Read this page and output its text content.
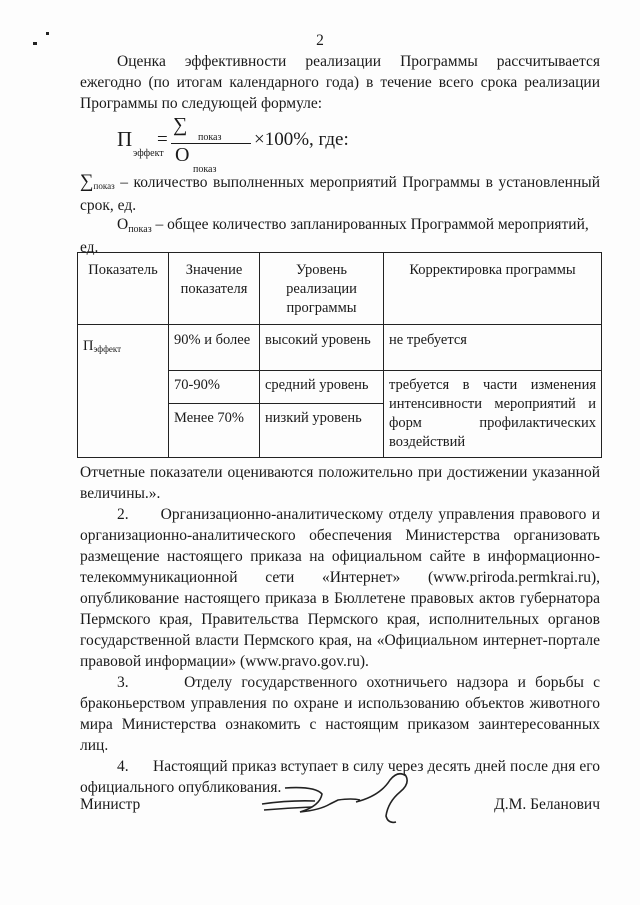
2
Оценка эффективности реализации Программы рассчитывается ежегодно (по итогам календарного года) в течение всего срока реализации Программы по следующей формуле:
П
эффект
=
∑
показ
О
показ
×100%, где:
∑показ – количество выполненных мероприятий Программы в установленный срок, ед.
Опоказ – общее количество запланированных Программой мероприятий, ед.
Показатель	Значение показателя	Уровень реализации программы	Корректировка программы
Пэффект	90% и более	высокий уровень	не требуется
	70-90%	средний уровень	требуется в части изменения интенсивности мероприятий и форм профилактических воздействий
	Менее 70%	низкий уровень	
Отчетные показатели оцениваются положительно при достижении указанной величины.».
2. Организационно-аналитическому отделу управления правового и организационно-аналитического обеспечения Министерства организовать размещение настоящего приказа на официальном сайте в информационно-телекоммуникационной сети «Интернет» (www.priroda.permkrai.ru), опубликование настоящего приказа в Бюллетене правовых актов губернатора Пермского края, Правительства Пермского края, исполнительных органов государственной власти Пермского края, на «Официальном интернет-портале правовой информации» (www.pravo.gov.ru).
3.	Отделу государственного охотничьего надзора и борьбы с браконьерством управления по охране и использованию объектов животного мира Министерства ознакомить с настоящим приказом заинтересованных лиц.
4. Настоящий приказ вступает в силу через десять дней после дня его официального опубликования.
Министр	Д.М. Беланович
